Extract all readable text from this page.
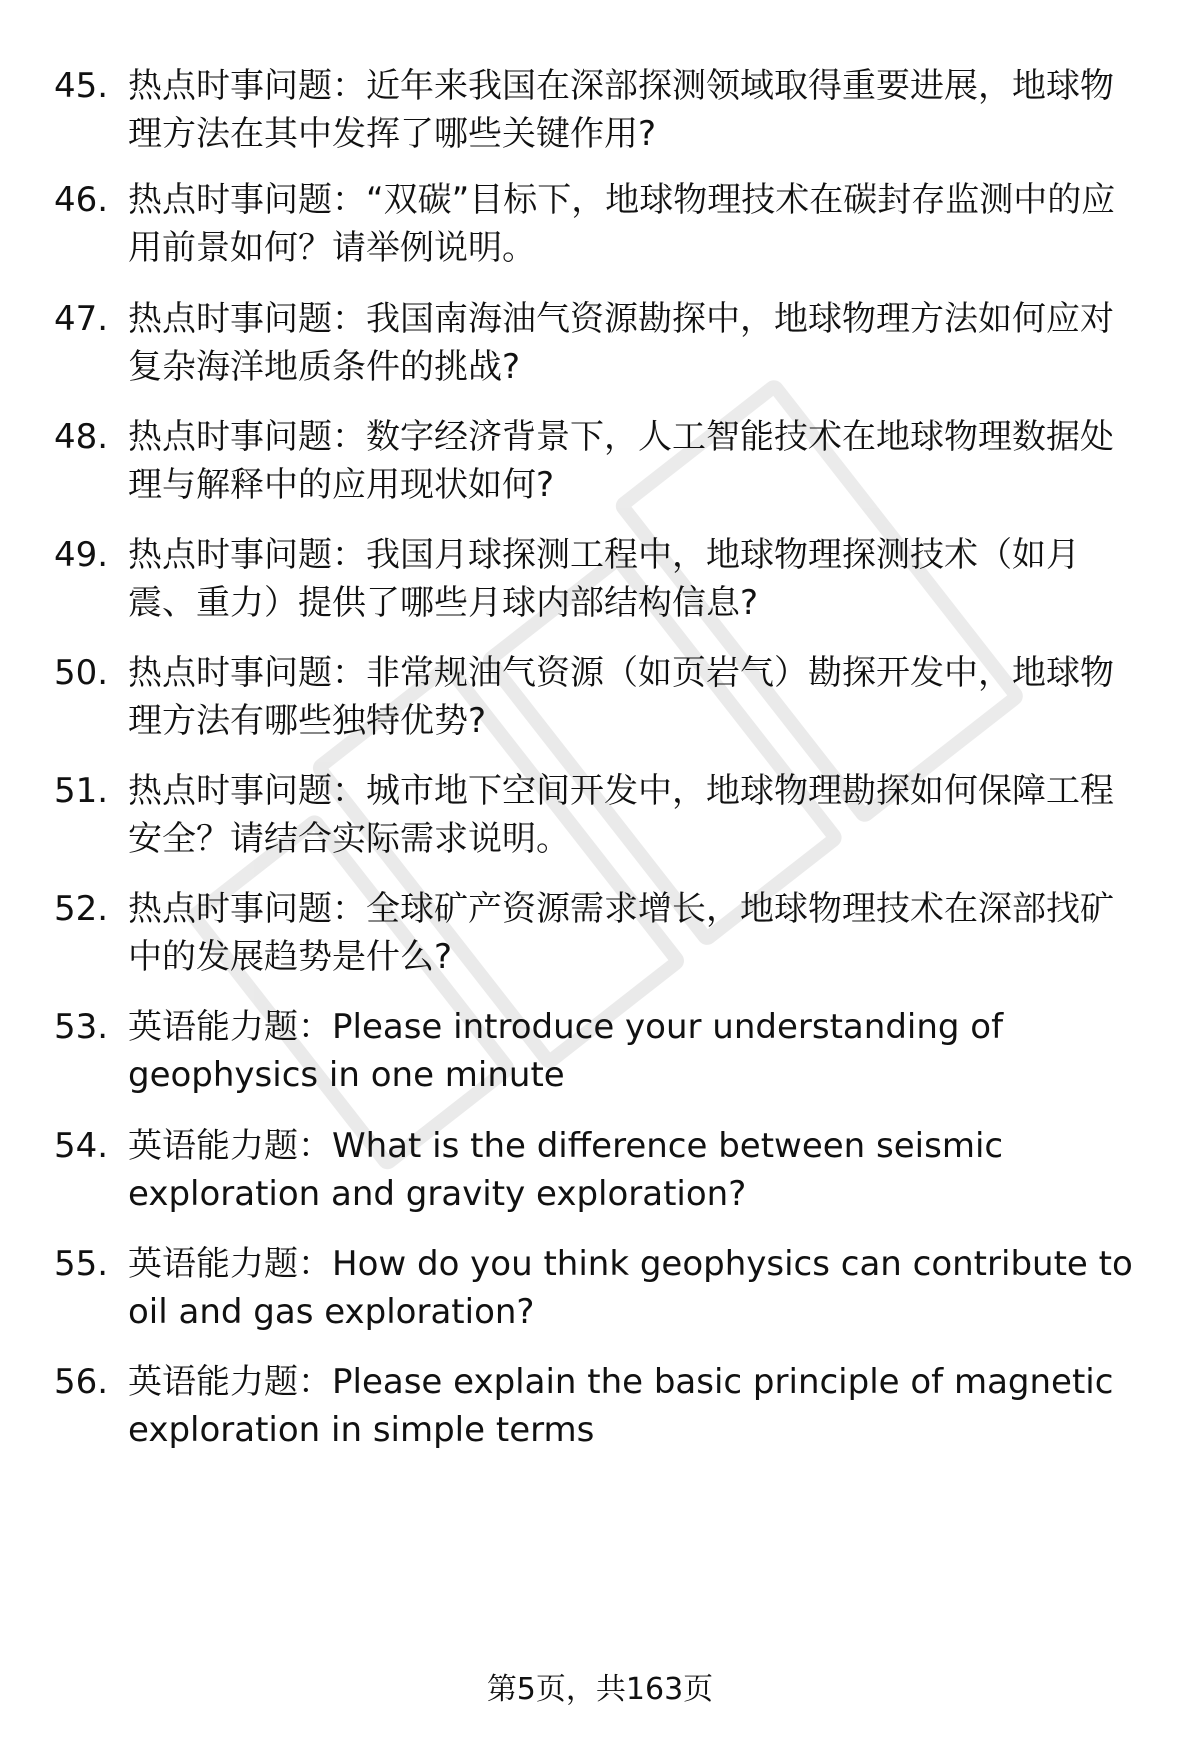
45. 热点时事问题：近年来我国在深部探测领域取得重要进展，地球物理方法在其中发挥了哪些关键作用?
46. 热点时事问题：“双碳”目标下，地球物理技术在碳封存监测中的应用前景如何？请举例说明。
47. 热点时事问题：我国南海油气资源勘探中，地球物理方法如何应对复杂海洋地质条件的挑战?
48. 热点时事问题：数字经济背景下，人工智能技术在地球物理数据处理与解释中的应用现状如何?
49. 热点时事问题：我国月球探测工程中，地球物理探测技术（如月震、重力）提供了哪些月球内部结构信息?
50. 热点时事问题：非常规油气资源（如页岩气）勘探开发中，地球物理方法有哪些独特优势?
51. 热点时事问题：城市地下空间开发中，地球物理勘探如何保障工程安全？请结合实际需求说明。
52. 热点时事问题：全球矿产资源需求增长，地球物理技术在深部找矿中的发展趋势是什么?
53. 英语能力题：Please introduce your understanding of geophysics in one minute
54. 英语能力题：What is the difference between seismic exploration and gravity exploration?
55. 英语能力题：How do you think geophysics can contribute to oil and gas exploration?
56. 英语能力题：Please explain the basic principle of magnetic exploration in simple terms
第5页，共163页
